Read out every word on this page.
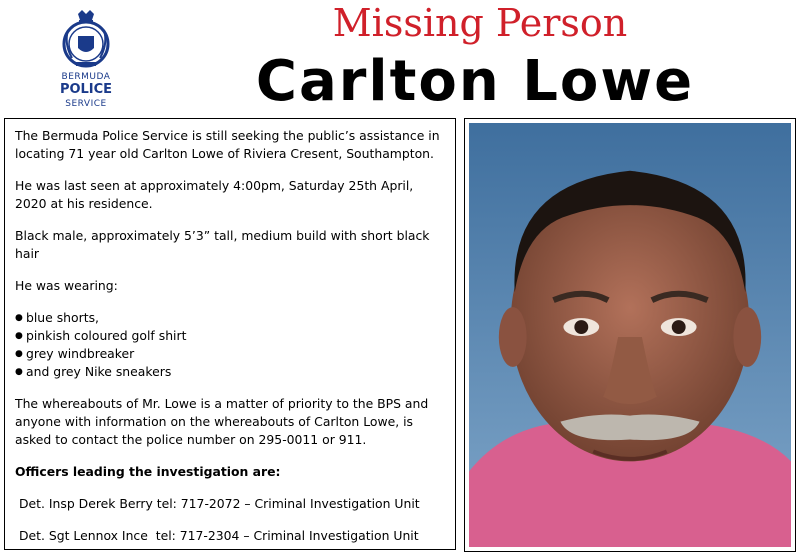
BERMUDA
POLICE
SERVICE
Missing Person
Carlton Lowe

The Bermuda Police Service is still seeking the public’s assistance in locating 71 year old Carlton Lowe of Riviera Cresent, Southampton.

He was last seen at approximately 4:00pm, Saturday 25th April, 2020 at his residence.

Black male, approximately 5’3” tall, medium build with short black hair

He was wearing:

● blue shorts,
● pinkish coloured golf shirt
● grey windbreaker
● and grey Nike sneakers

The whereabouts of Mr. Lowe is a matter of priority to the BPS and anyone with information on the whereabouts of Carlton Lowe, is asked to contact the police number on 295-0011 or 911.

Officers leading the investigation are:

Det. Insp Derek Berry tel: 717-2072 – Criminal Investigation Unit

Det. Sgt Lennox Ince  tel: 717-2304 – Criminal Investigation Unit
